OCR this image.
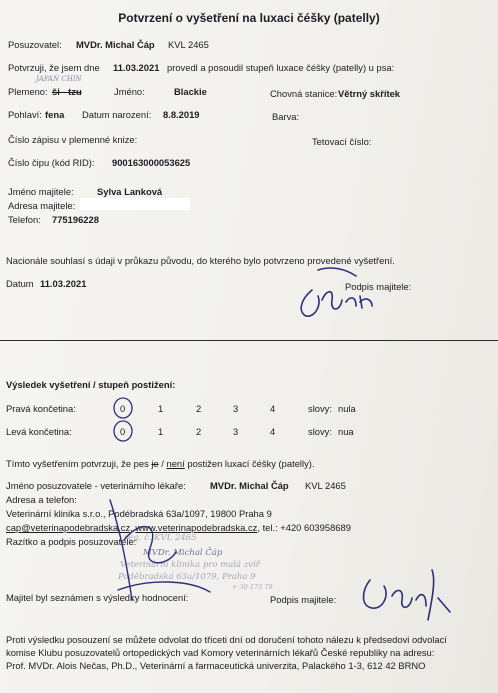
Potvrzení o vyšetření na luxaci čéšky (patelly)
Posuzovatel: MVDr. Michal Čáp KVL 2465
Potvrzuji, že jsem dne 11.03.2021 provedl a posoudil stupeň luxace čéšky (patelly) u psa:
JAPAN CHIN
Plemeno: ši - tzu	Jméno:	Blackie	Chovná stanice: Větrný skřítek
Pohlaví: fena Datum narození: 8.8.2019	Barva:
Číslo zápisu v plemenné knize:	Tetovací číslo:
Číslo čipu (kód RID): 900163000053625
Jméno majitele: Sylva Lanková
Adresa majitele:
Telefon: 775196228
Nacionále souhlasí s údaji v průkazu původu, do kterého bylo potvrzeno provedené vyšetření.
Datum 11.03.2021	Podpis majitele:
Výsledek vyšetření / stupeň postižení:
Pravá končetina:	0	1	2	3	4	slovy: nula
Levá končetina:	0	1	2	3	4	slovy: nua
Tímto vyšetřením potvrzuji, že pes je / není postižen luxací čéšky (patelly).
Jméno posuzovatele - veterinárního lékaře:	MVDr. Michal Čáp KVL 2465
Adresa a telefon:
Veterinární klinika s.r.o., Podébradská 63a/1097, 19800 Praha 9
cap@veterinapodebradska.cz, www.veterinapodebradska.cz, tel.: +420 603958689
Razítko a podpis posuzovatele:
reg. č. KVL 2465
MVDr. Michal Čáp
Veterinární klinika pro malá zvíř
Poděbradská 63a/1079, Praha 9
+ 30 173 79
Majitel byl seznámen s výsledky hodnocení:	Podpis majitele:
Proti výsledku posouzení se můžete odvolat do třiceti dní od doručení tohoto nálezu k předsedovi odvolací
komise Klubu posuzovatelů ortopedických vad Komory veterinárních lékařů České republiky na adresu:
Prof. MVDr. Alois Nečas, Ph.D., Veterinární a farmaceutická univerzita, Palackého 1-3, 612 42 BRNO
